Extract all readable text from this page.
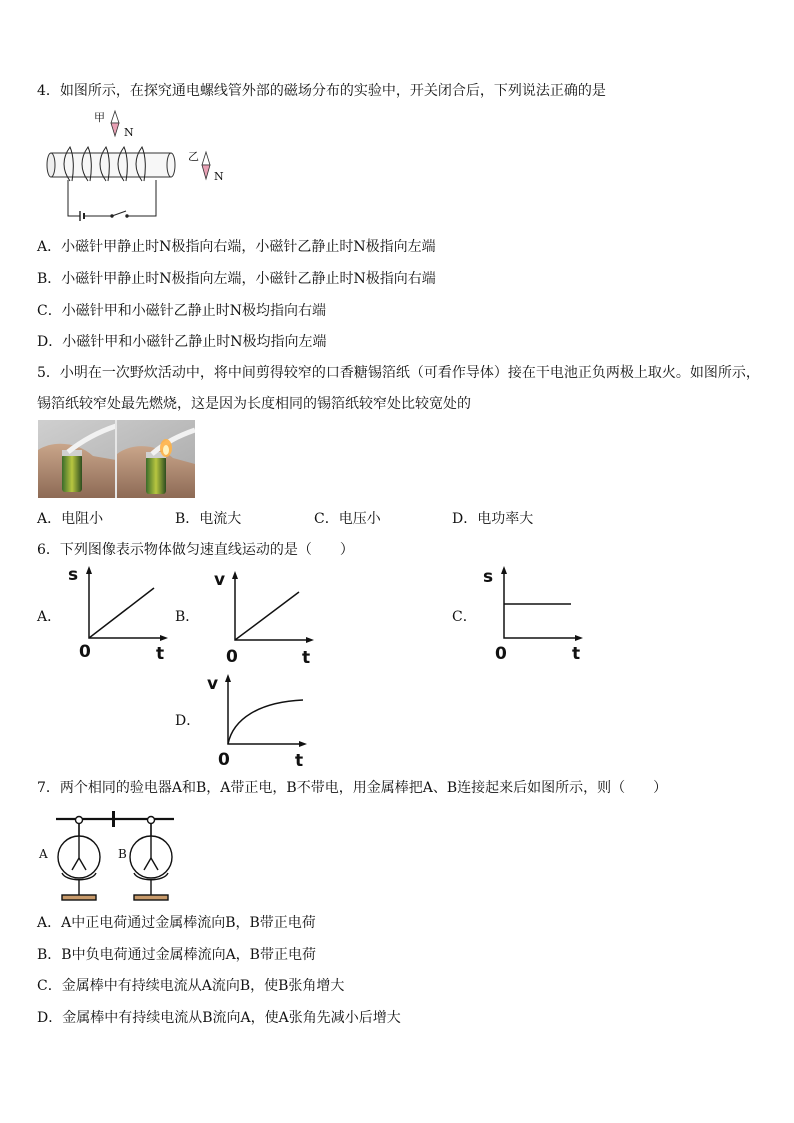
4．如图所示，在探究通电螺线管外部的磁场分布的实验中，开关闭合后，下列说法正确的是
甲
N
乙
N
A．小磁针甲静止时N极指向右端，小磁针乙静止时N极指向左端
B．小磁针甲静止时N极指向左端，小磁针乙静止时N极指向右端
C．小磁针甲和小磁针乙静止时N极均指向右端
D．小磁针甲和小磁针乙静止时N极均指向左端
5．小明在一次野炊活动中，将中间剪得较窄的口香糖锡箔纸（可看作导体）接在干电池正负两极上取火。如图所示，
锡箔纸较窄处最先燃烧，这是因为长度相同的锡箔纸较窄处比较宽处的
A．电阻小	B．电流大	C．电压小	D．电功率大
6．下列图像表示物体做匀速直线运动的是（　　）
A．	B．	C．
D．
s
0	t
v
0	t
s
0	t
v
0	t
7．两个相同的验电器A和B，A带正电，B不带电，用金属棒把A、B连接起来后如图所示，则（　　）
A	B
A．A中正电荷通过金属棒流向B，B带正电荷
B．B中负电荷通过金属棒流向A，B带正电荷
C．金属棒中有持续电流从A流向B，使B张角增大
D．金属棒中有持续电流从B流向A，使A张角先减小后增大
